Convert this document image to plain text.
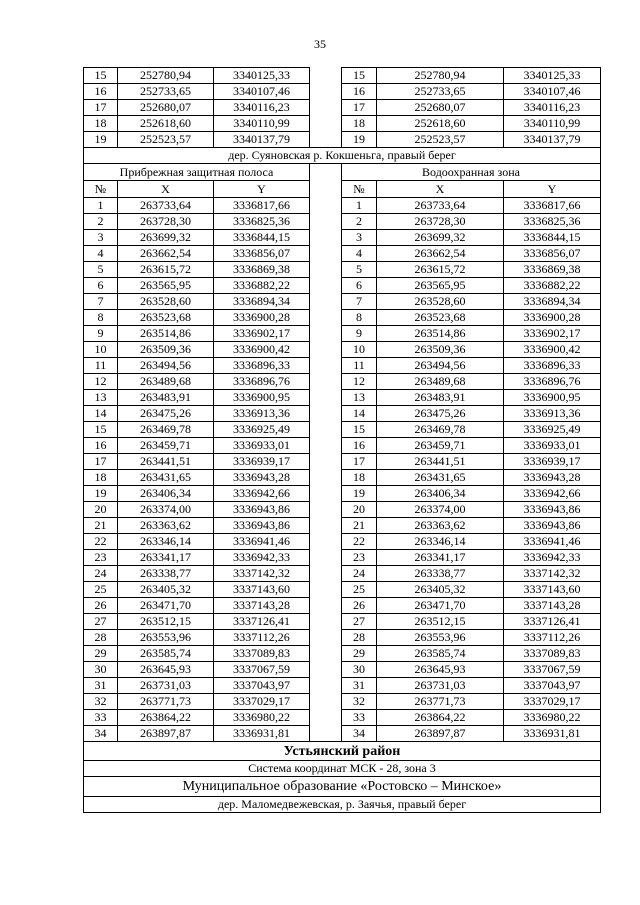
35
15	252780,94	3340125,33		15	252780,94	3340125,33
16	252733,65	3340107,46		16	252733,65	3340107,46
17	252680,07	3340116,23		17	252680,07	3340116,23
18	252618,60	3340110,99		18	252618,60	3340110,99
19	252523,57	3340137,79		19	252523,57	3340137,79
дер. Суяновская р. Кокшеньга, правый берег						
Прибрежная защитная полоса				Водоохранная зона		
№	X	Y		№	X	Y
1	263733,64	3336817,66		1	263733,64	3336817,66
2	263728,30	3336825,36		2	263728,30	3336825,36
3	263699,32	3336844,15		3	263699,32	3336844,15
4	263662,54	3336856,07		4	263662,54	3336856,07
5	263615,72	3336869,38		5	263615,72	3336869,38
6	263565,95	3336882,22		6	263565,95	3336882,22
7	263528,60	3336894,34		7	263528,60	3336894,34
8	263523,68	3336900,28		8	263523,68	3336900,28
9	263514,86	3336902,17		9	263514,86	3336902,17
10	263509,36	3336900,42		10	263509,36	3336900,42
11	263494,56	3336896,33		11	263494,56	3336896,33
12	263489,68	3336896,76		12	263489,68	3336896,76
13	263483,91	3336900,95		13	263483,91	3336900,95
14	263475,26	3336913,36		14	263475,26	3336913,36
15	263469,78	3336925,49		15	263469,78	3336925,49
16	263459,71	3336933,01		16	263459,71	3336933,01
17	263441,51	3336939,17		17	263441,51	3336939,17
18	263431,65	3336943,28		18	263431,65	3336943,28
19	263406,34	3336942,66		19	263406,34	3336942,66
20	263374,00	3336943,86		20	263374,00	3336943,86
21	263363,62	3336943,86		21	263363,62	3336943,86
22	263346,14	3336941,46		22	263346,14	3336941,46
23	263341,17	3336942,33		23	263341,17	3336942,33
24	263338,77	3337142,32		24	263338,77	3337142,32
25	263405,32	3337143,60		25	263405,32	3337143,60
26	263471,70	3337143,28		26	263471,70	3337143,28
27	263512,15	3337126,41		27	263512,15	3337126,41
28	263553,96	3337112,26		28	263553,96	3337112,26
29	263585,74	3337089,83		29	263585,74	3337089,83
30	263645,93	3337067,59		30	263645,93	3337067,59
31	263731,03	3337043,97		31	263731,03	3337043,97
32	263771,73	3337029,17		32	263771,73	3337029,17
33	263864,22	3336980,22		33	263864,22	3336980,22
34	263897,87	3336931,81		34	263897,87	3336931,81
Устьянский район						
Система координат МСК - 28, зона 3						
Муниципальное образование «Ростовско – Минское»						
дер. Маломедвежевская, р. Заячья, правый берег						
